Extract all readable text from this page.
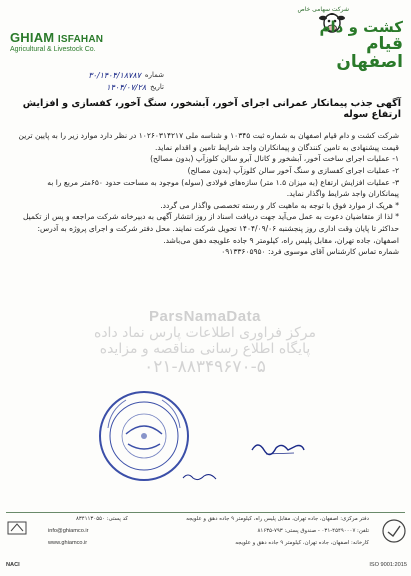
GHIAM ISFAHAN
Agricultural & Livestock Co.
شرکت سهامی خاص
کشت و دام
قیام اصفهان
شماره
۳۰/۱۴۰۴/۱۸۷۸۷
تاریخ
۱۴۰۴/۰۷/۲۸
آگهی جذب پیمانکار عمرانی اجرای آخور، آبشخور، سنگ آخور، کفسازی و افزایش ارتفاع سوله

شرکت کشت و دام قیام اصفهان به شماره ثبت ۱۰۳۴۵ و شناسه ملی ۱۰۲۶۰۳۱۴۲۱۷ در نظر دارد موارد زیر را به پایین ترین قیمت پیشنهادی به تامین کنندگان و پیمانکاران واجد شرایط تامین و اقدام نماید.

۱- عملیات اجرای ساخت آخور، آبشخور و کانال آبرو سالن کلوزآپ (بدون مصالح)

۲- عملیات اجرای کفسازی و سنگ آخور سالن کلوزآپ (بدون مصالح)

۳- عملیات افزایش ارتفاع (به میزان ۱.۵ متر) سازه‌های فولادی (سوله) موجود به مساحت حدود ۶۵۰متر مربع را به پیمانکاران واجد شرایط واگذار نماید.

* هریک از موارد فوق با توجه به ماهیت کار و رسته تخصصی واگذار می گردد.

* لذا از متقاضیان دعوت به عمل می‌آید جهت دریافت اسناد از روز انتشار آگهی به دبیرخانه شرکت مراجعه و پس از تکمیل حداکثر تا پایان وقت اداری روز پنجشنبه ۱۴۰۴/۰۹/۰۶ تحویل شرکت نمایند. محل دفتر شرکت و اجرای پروژه به آدرس: اصفهان، جاده تهران، مقابل پلیس راه، کیلومتر ۹ جاده علویجه دهق می‌باشد.

شماره تماس کارشناس آقای موسوی فرد: ۰۹۱۳۳۶۰۵۹۵۰

ParsNamaData
مرکز فراوری اطلاعات پارس نماد داده
پایگاه اطلاع رسانی مناقصه و مزایده
۰۲۱-۸۸۳۴۹۶۷۰-۵
NACI	ISO 9001:2015
دفتر مرکزی: اصفهان، جاده تهران، مقابل پلیس راه، کیلومتر ۹ جاده دهق و علویجه
کد پستی: ۸۳۴۱۱۳۰۵۵۰
تلفن: ۴۵۴۹۰۰۰۷-۰۳۱ - صندوق پستی: ۷۹۳-۸۱۶۳۵
info@ghiamco.ir
کارخانه: اصفهان، جاده تهران، کیلومتر ۹ جاده دهق و علویجه
www.ghiamco.ir
